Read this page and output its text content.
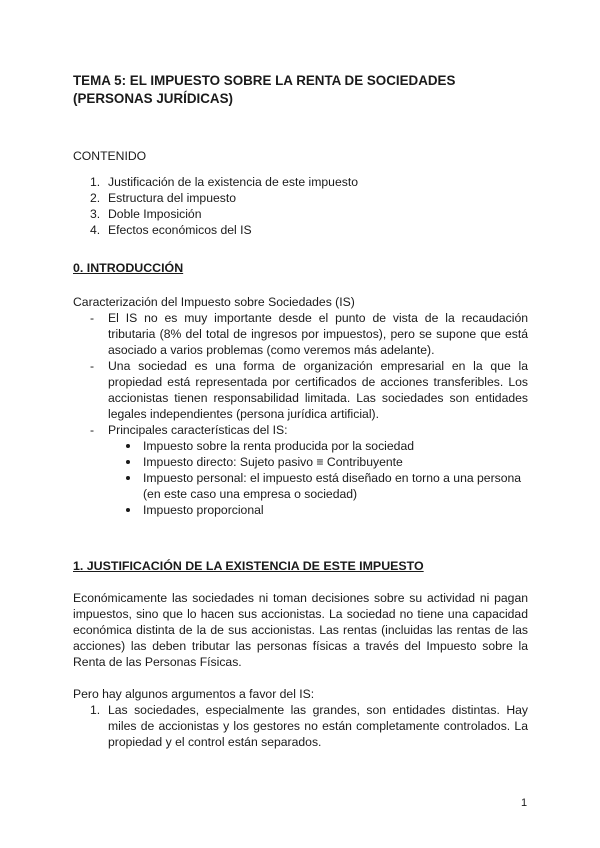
TEMA 5: EL IMPUESTO SOBRE LA RENTA DE SOCIEDADES
(PERSONAS JURÍDICAS)

CONTENIDO
1. Justificación de la existencia de este impuesto
2. Estructura del impuesto
3. Doble Imposición
4. Efectos económicos del IS
0. INTRODUCCIÓN

Caracterización del Impuesto sobre Sociedades (IS)

- El IS no es muy importante desde el punto de vista de la recaudación tributaria (8% del total de ingresos por impuestos), pero se supone que está asociado a varios problemas (como veremos más adelante).
- Una sociedad es una forma de organización empresarial en la que la propiedad está representada por certificados de acciones transferibles. Los accionistas tienen responsabilidad limitada. Las sociedades son entidades legales independientes (persona jurídica artificial).
- Principales características del IS:
Impuesto sobre la renta producida por la sociedad
Impuesto directo: Sujeto pasivo ≡ Contribuyente
Impuesto personal: el impuesto está diseñado en torno a una persona (en este caso una empresa o sociedad)
Impuesto proporcional
1. JUSTIFICACIÓN DE LA EXISTENCIA DE ESTE IMPUESTO

Económicamente las sociedades ni toman decisiones sobre su actividad ni pagan impuestos, sino que lo hacen sus accionistas. La sociedad no tiene una capacidad económica distinta de la de sus accionistas. Las rentas (incluidas las rentas de las acciones) las deben tributar las personas físicas a través del Impuesto sobre la Renta de las Personas Físicas.

Pero hay algunos argumentos a favor del IS:

1. Las sociedades, especialmente las grandes, son entidades distintas. Hay miles de accionistas y los gestores no están completamente controlados. La propiedad y el control están separados.
1
